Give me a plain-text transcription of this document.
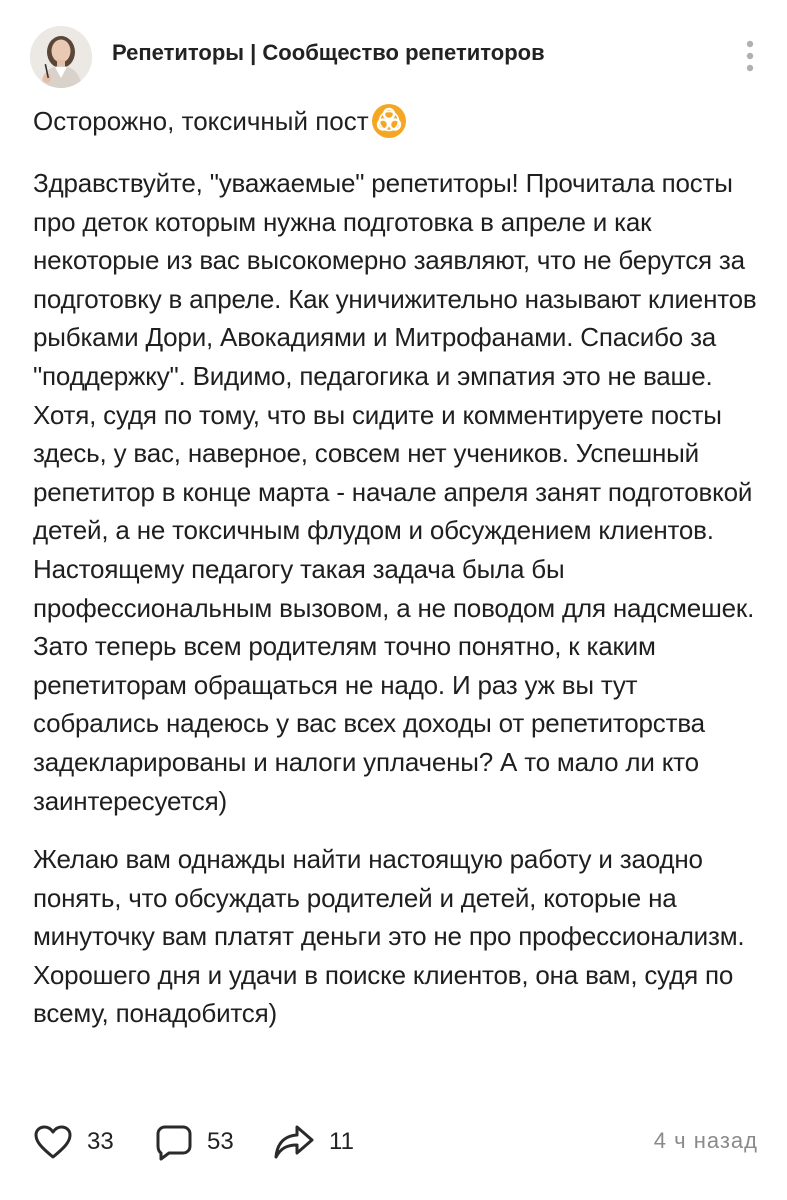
Репетиторы | Сообщество репетиторов
Осторожно, токсичный пост

Здравствуйте, "уважаемые" репетиторы! Прочитала посты про деток которым нужна подготовка в апреле и как некоторые из вас высокомерно заявляют, что не берутся за подготовку в апреле. Как уничижительно называют клиентов рыбками Дори, Авокадиями и Митрофанами. Спасибо за "поддержку". Видимо, педагогика и эмпатия это не ваше. Хотя, судя по тому, что вы сидите и комментируете посты здесь, у вас, наверное, совсем нет учеников. Успешный репетитор в конце марта - начале апреля занят подготовкой детей, а не токсичным флудом и обсуждением клиентов. Настоящему педагогу такая задача была бы профессиональным вызовом, а не поводом для надсмешек. Зато теперь всем родителям точно понятно, к каким репетиторам обращаться не надо. И раз уж вы тут собрались надеюсь у вас всех доходы от репетиторства задекларированы и налоги уплачены? А то мало ли кто заинтересуется)

Желаю вам однажды найти настоящую работу и заодно понять, что обсуждать родителей и детей, которые на минуточку вам платят деньги это не про профессионализм. Хорошего дня и удачи в поиске клиентов, она вам, судя по всему, понадобится)

33	53	11	4 ч назад
